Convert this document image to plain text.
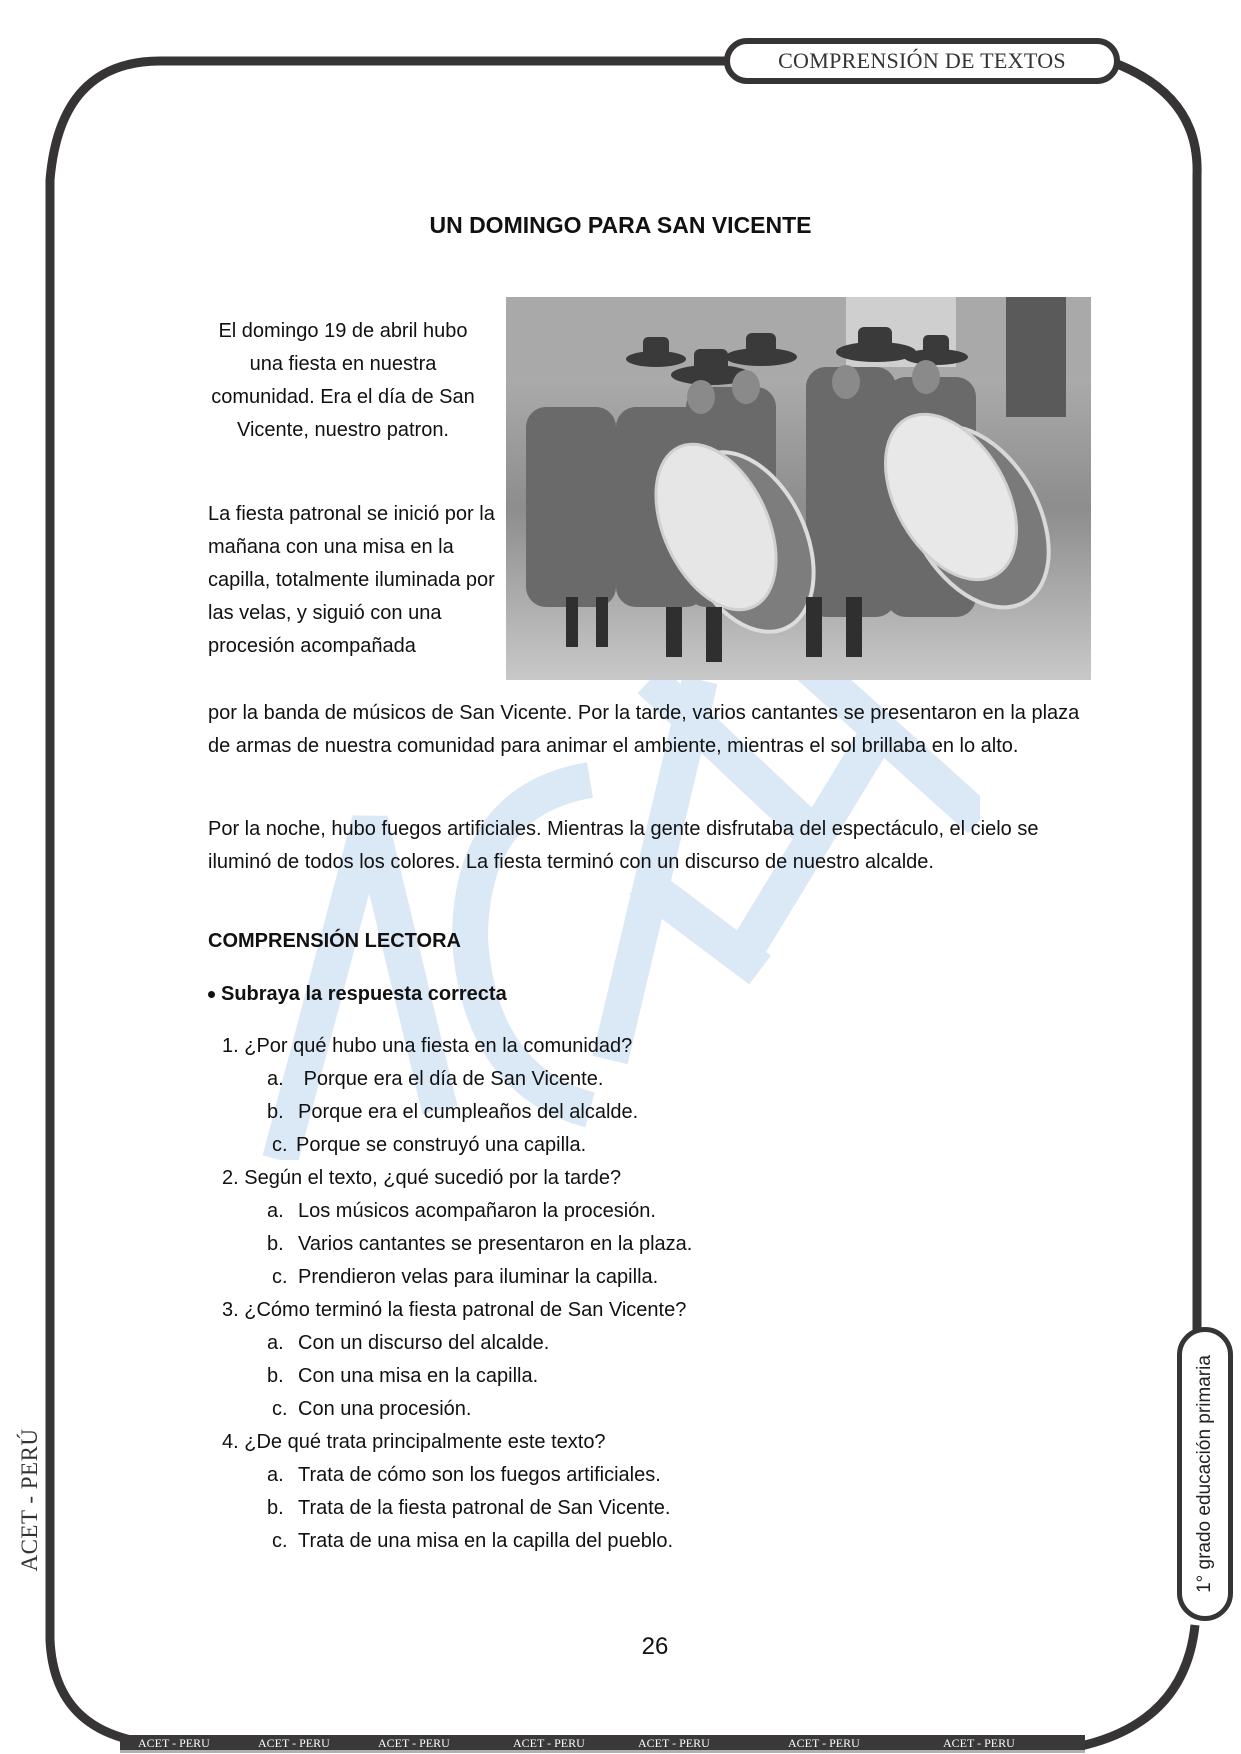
COMPRENSIÓN DE TEXTOS
1° grado educación primaria
ACET - PERÚ
ACET - PERU	ACET - PERU	ACET - PERU	ACET - PERU	ACET - PERU	ACET - PERU	ACET - PERU
UN DOMINGO PARA SAN VICENTE
El domingo 19 de abril hubo una fiesta en nuestra comunidad. Era el día de San Vicente, nuestro patron.
La fiesta patronal se inició por la mañana con una misa en la capilla, totalmente iluminada por las velas, y siguió con una procesión acompañada
por la banda de músicos de San Vicente. Por la tarde, varios cantantes se presentaron en la plaza de armas de nuestra comunidad para animar el ambiente, mientras el sol brillaba en lo alto.
Por la noche, hubo fuegos artificiales. Mientras la gente disfrutaba del espectáculo, el cielo se iluminó de todos los colores. La fiesta terminó con un discurso de nuestro alcalde.
COMPRENSIÓN LECTORA
Subraya la respuesta correcta
1. ¿Por qué hubo una fiesta en la comunidad?
a. Porque era el día de San Vicente.
b. Porque era el cumpleaños del alcalde.
c. Porque se construyó una capilla.
2. Según el texto, ¿qué sucedió por la tarde?
a. Los músicos acompañaron la procesión.
b. Varios cantantes se presentaron en la plaza.
c. Prendieron velas para iluminar la capilla.
3. ¿Cómo terminó la fiesta patronal de San Vicente?
a. Con un discurso del alcalde.
b. Con una misa en la capilla.
c. Con una procesión.
4. ¿De qué trata principalmente este texto?
a. Trata de cómo son los fuegos artificiales.
b. Trata de la fiesta patronal de San Vicente.
c. Trata de una misa en la capilla del pueblo.
26
